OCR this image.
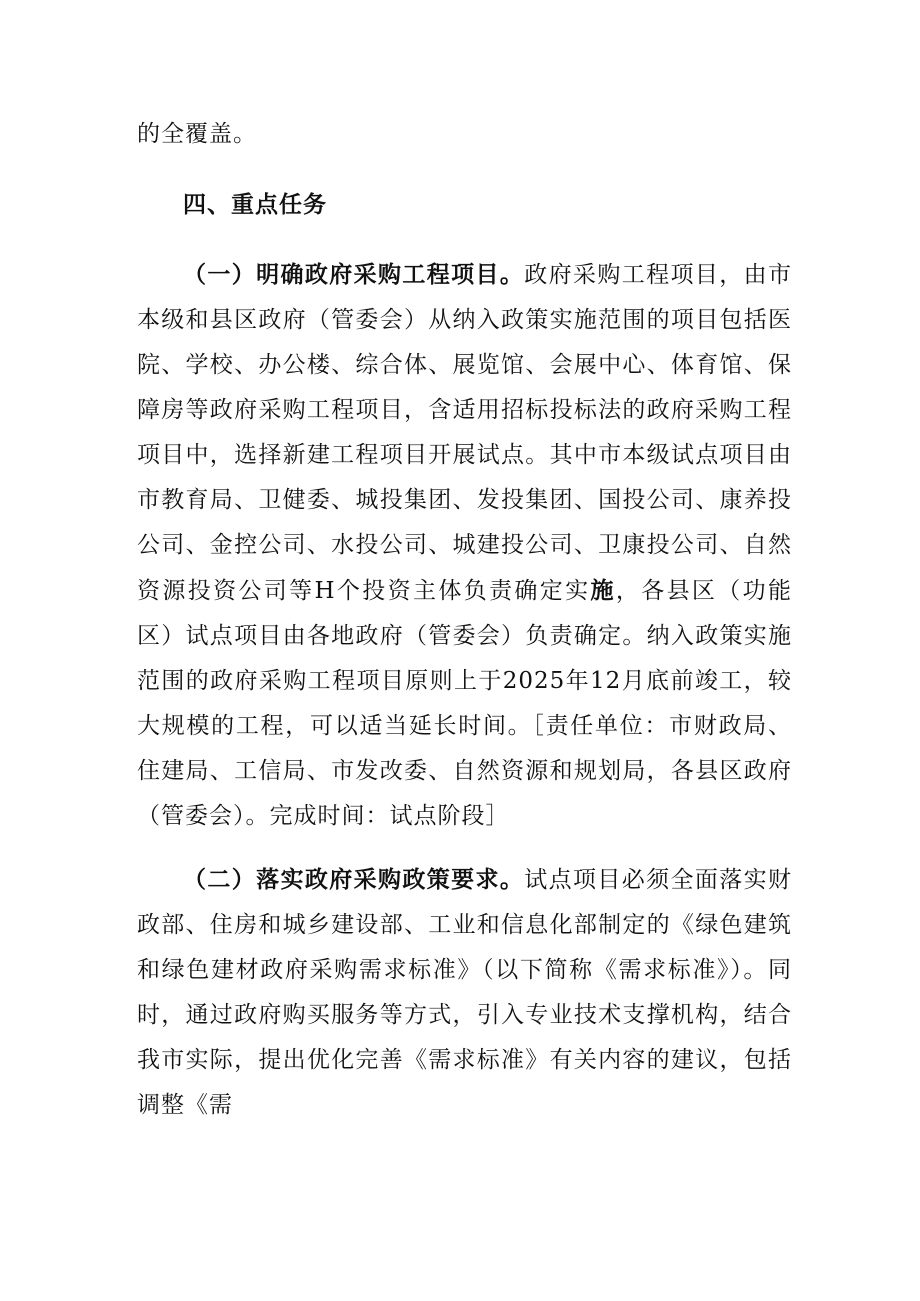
的全覆盖。

四、重点任务

（一）明确政府采购工程项目。政府采购工程项目，由市本级和县区政府（管委会）从纳入政策实施范围的项目包括医院、学校、办公楼、综合体、展览馆、会展中心、体育馆、保障房等政府采购工程项目，含适用招标投标法的政府采购工程项目中，选择新建工程项目开展试点。其中市本级试点项目由市教育局、卫健委、城投集团、发投集团、国投公司、康养投公司、金控公司、水投公司、城建投公司、卫康投公司、自然资源投资公司等H个投资主体负责确定实施，各县区（功能区）试点项目由各地政府（管委会）负责确定。纳入政策实施范围的政府采购工程项目原则上于2025年12月底前竣工，较大规模的工程，可以适当延长时间。［责任单位：市财政局、住建局、工信局、市发改委、自然资源和规划局，各县区政府（管委会）。完成时间：试点阶段］

（二）落实政府采购政策要求。试点项目必须全面落实财政部、住房和城乡建设部、工业和信息化部制定的《绿色建筑和绿色建材政府采购需求标准》（以下简称《需求标准》）。同时，通过政府购买服务等方式，引入专业技术支撑机构，结合我市实际，提出优化完善《需求标准》有关内容的建议，包括调整《需
